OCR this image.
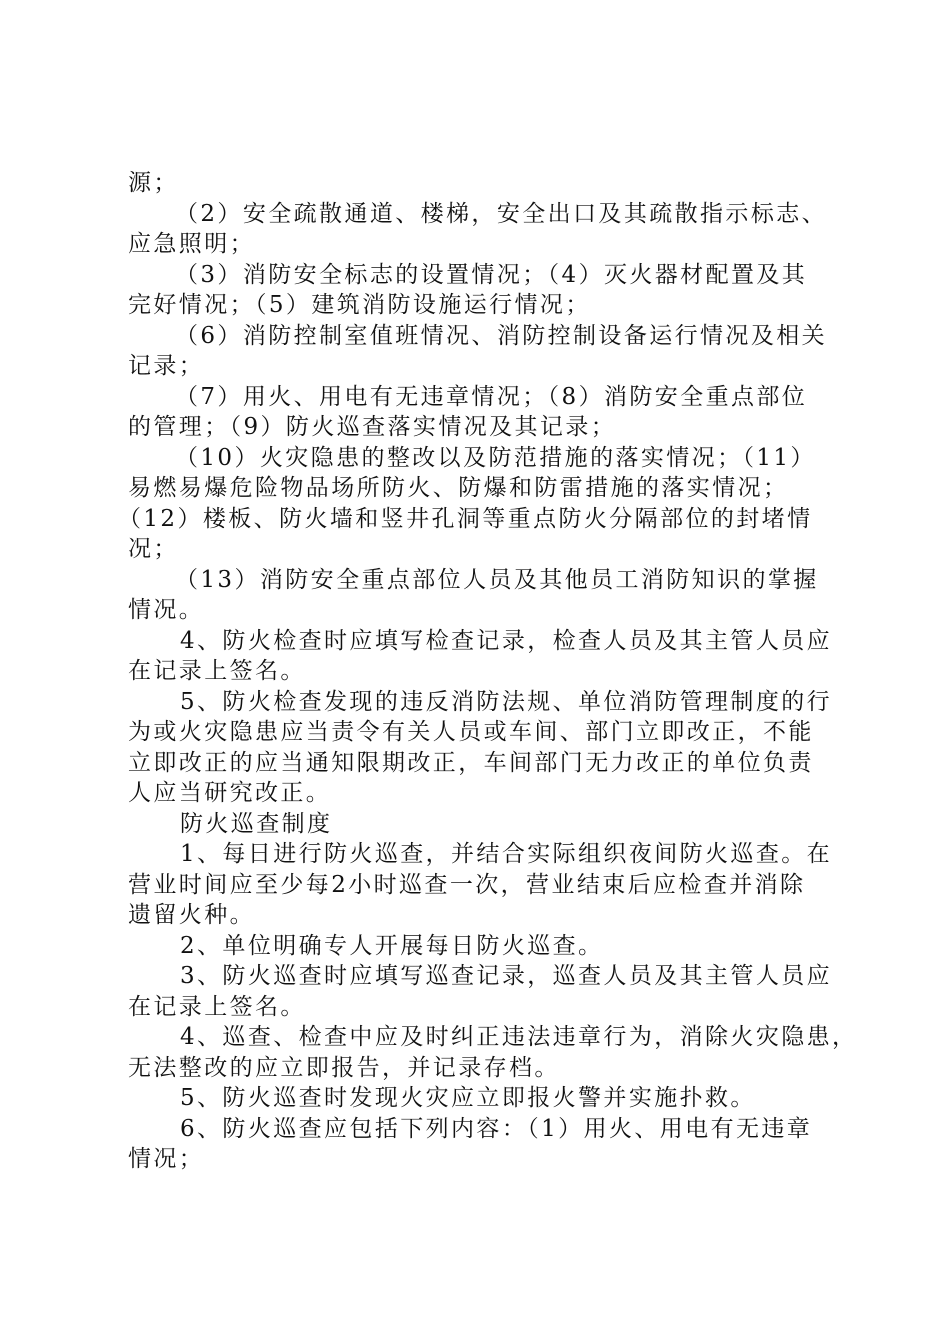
源；
（2）安全疏散通道、楼梯，安全出口及其疏散指示标志、
应急照明；
（3）消防安全标志的设置情况；（4）灭火器材配置及其
完好情况；（5）建筑消防设施运行情况；
（6）消防控制室值班情况、消防控制设备运行情况及相关
记录；
（7）用火、用电有无违章情况；（8）消防安全重点部位
的管理；（9）防火巡查落实情况及其记录；
（10）火灾隐患的整改以及防范措施的落实情况；（11）
易燃易爆危险物品场所防火、防爆和防雷措施的落实情况；
（12）楼板、防火墙和竖井孔洞等重点防火分隔部位的封堵情
况；
（13）消防安全重点部位人员及其他员工消防知识的掌握
情况。
4、防火检查时应填写检查记录，检查人员及其主管人员应
在记录上签名。
5、防火检查发现的违反消防法规、单位消防管理制度的行
为或火灾隐患应当责令有关人员或车间、部门立即改正，不能
立即改正的应当通知限期改正，车间部门无力改正的单位负责
人应当研究改正。
防火巡查制度
1、每日进行防火巡查，并结合实际组织夜间防火巡查。在
营业时间应至少每2小时巡查一次，营业结束后应检查并消除
遗留火种。
2、单位明确专人开展每日防火巡查。
3、防火巡查时应填写巡查记录，巡查人员及其主管人员应
在记录上签名。
4、巡查、检查中应及时纠正违法违章行为，消除火灾隐患，
无法整改的应立即报告，并记录存档。
5、防火巡查时发现火灾应立即报火警并实施扑救。
6、防火巡查应包括下列内容：（1）用火、用电有无违章
情况；
